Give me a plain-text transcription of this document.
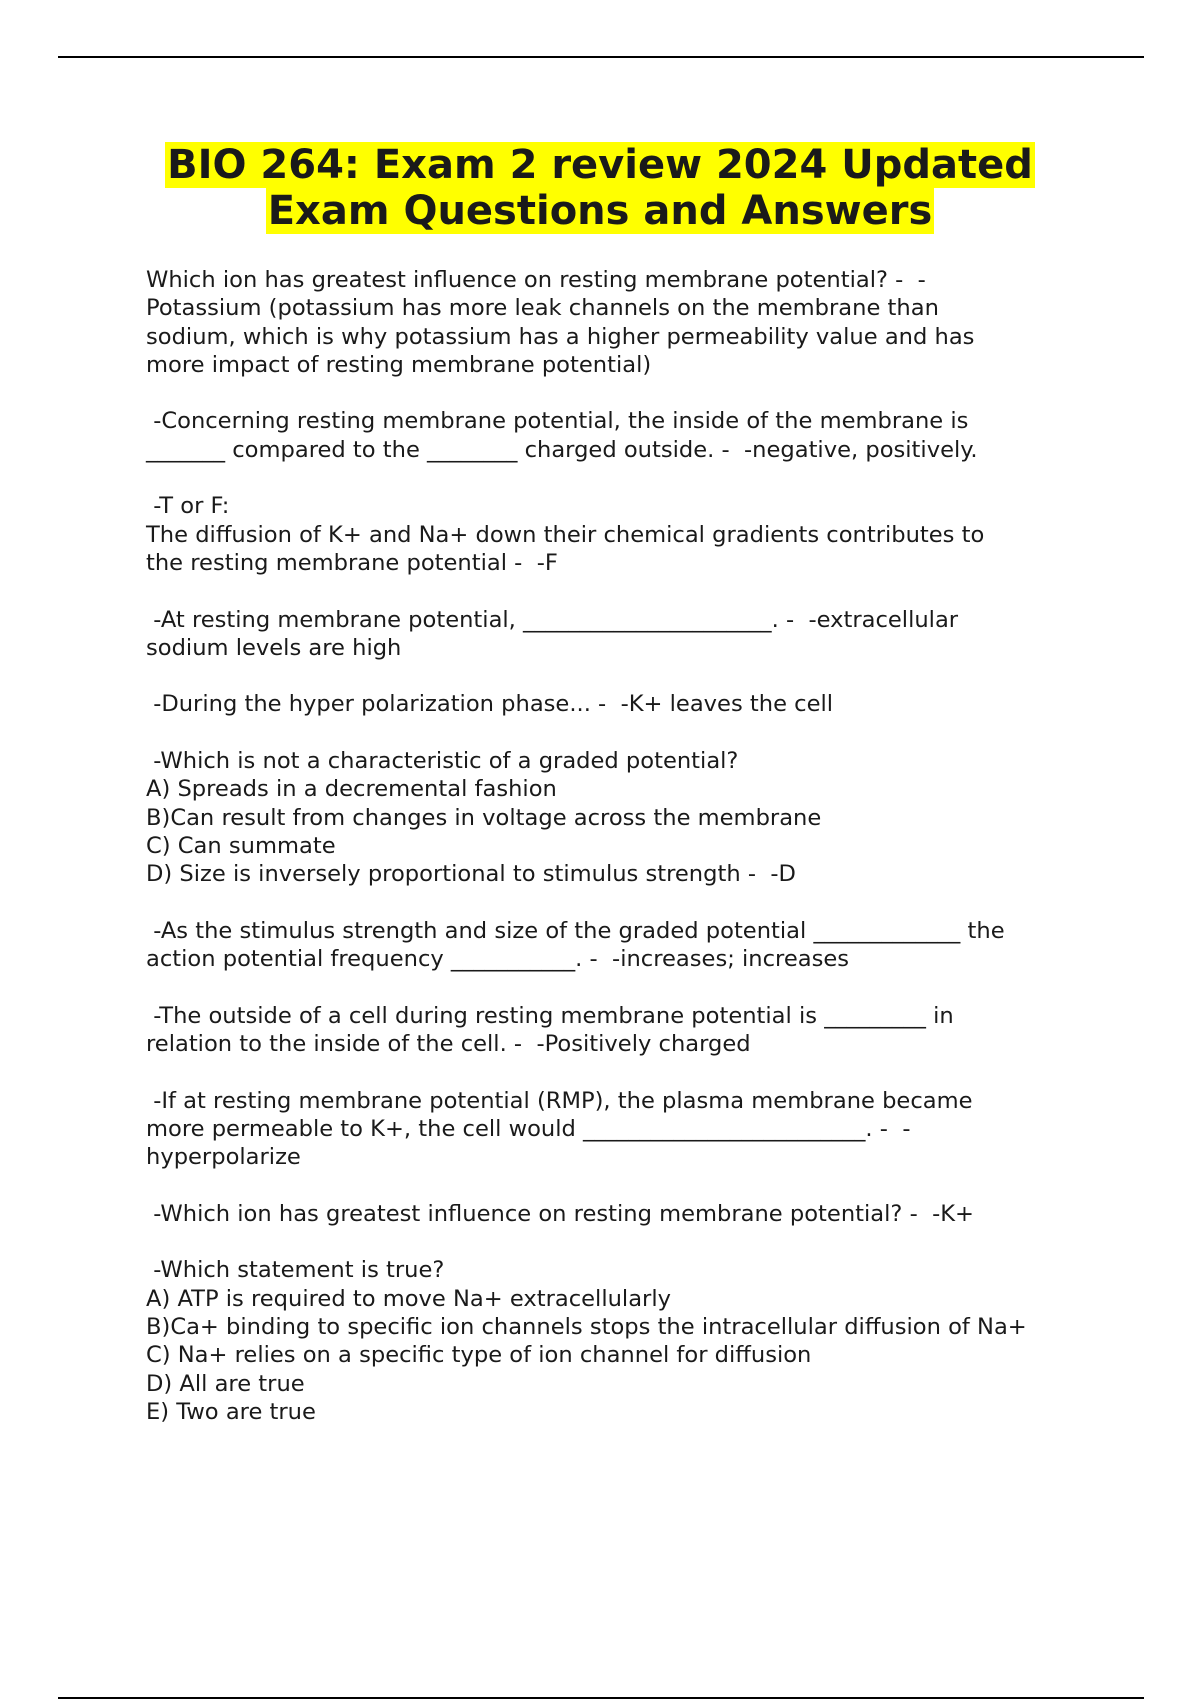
BIO 264: Exam 2 review 2024 Updated
Exam Questions and Answers

Which ion has greatest influence on resting membrane potential? -  -
Potassium (potassium has more leak channels on the membrane than
sodium, which is why potassium has a higher permeability value and has
more impact of resting membrane potential)

-Concerning resting membrane potential, the inside of the membrane is
_______ compared to the ________ charged outside. -  -negative, positively.

-T or F:
The diffusion of K+ and Na+ down their chemical gradients contributes to
the resting membrane potential -  -F

-At resting membrane potential, ______________________. -  -extracellular
sodium levels are high

-During the hyper polarization phase... -  -K+ leaves the cell

-Which is not a characteristic of a graded potential?
A) Spreads in a decremental fashion
B)Can result from changes in voltage across the membrane
C) Can summate
D) Size is inversely proportional to stimulus strength -  -D

-As the stimulus strength and size of the graded potential _____________ the
action potential frequency ___________. -  -increases; increases

-The outside of a cell during resting membrane potential is _________ in
relation to the inside of the cell. -  -Positively charged

-If at resting membrane potential (RMP), the plasma membrane became
more permeable to K+, the cell would _________________________. -  -
hyperpolarize

-Which ion has greatest influence on resting membrane potential? -  -K+

-Which statement is true?
A) ATP is required to move Na+ extracellularly
B)Ca+ binding to specific ion channels stops the intracellular diffusion of Na+
C) Na+ relies on a specific type of ion channel for diffusion
D) All are true
E) Two are true
